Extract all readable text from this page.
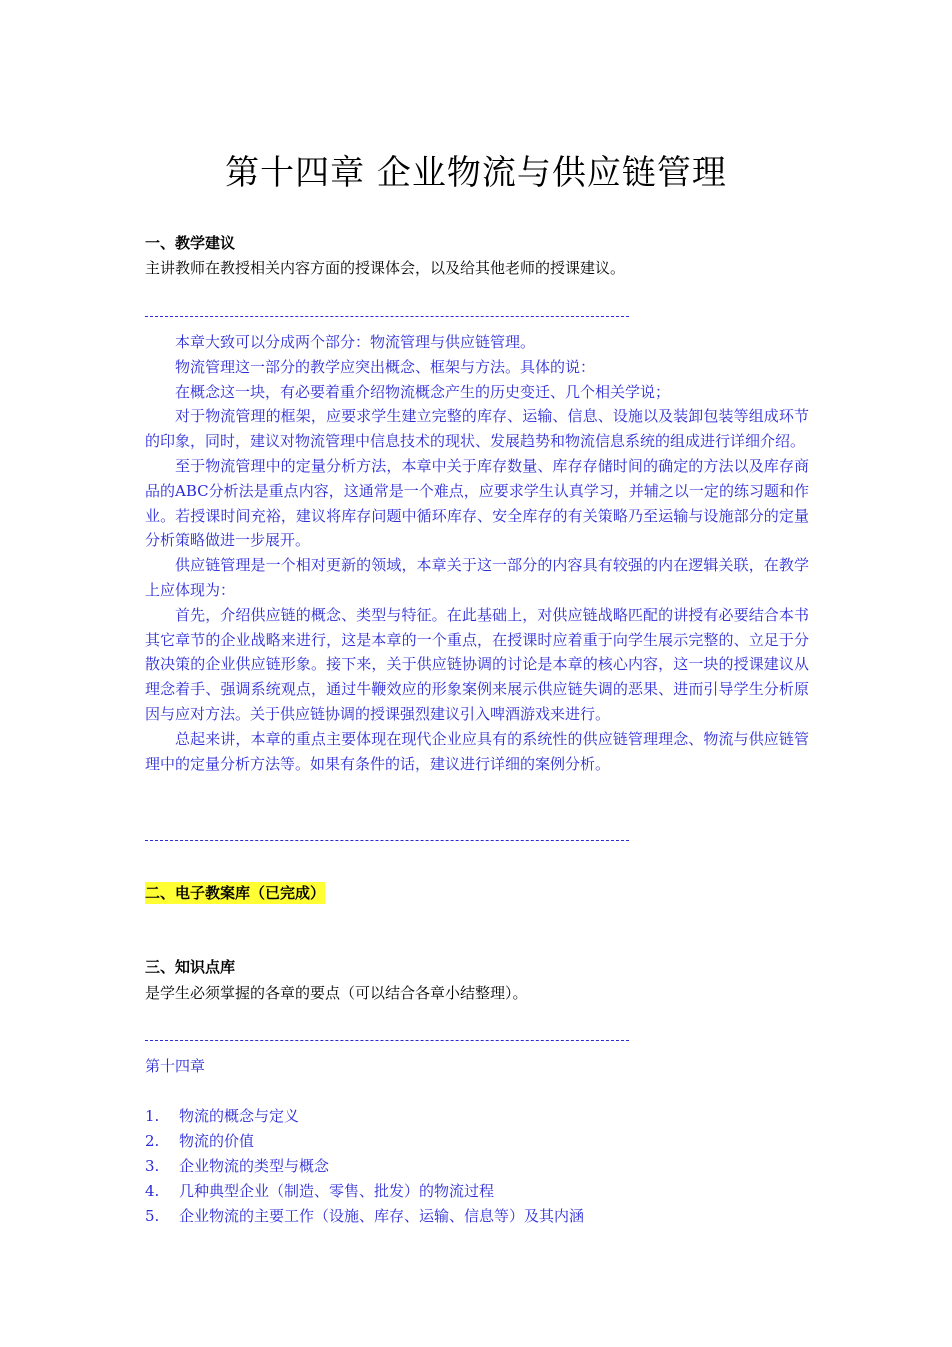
第十四章 企业物流与供应链管理
一、教学建议
主讲教师在教授相关内容方面的授课体会，以及给其他老师的授课建议。

本章大致可以分成两个部分：物流管理与供应链管理。

物流管理这一部分的教学应突出概念、框架与方法。具体的说：

在概念这一块，有必要着重介绍物流概念产生的历史变迁、几个相关学说；

对于物流管理的框架，应要求学生建立完整的库存、运输、信息、设施以及装卸包装等组成环节的印象，同时，建议对物流管理中信息技术的现状、发展趋势和物流信息系统的组成进行详细介绍。

至于物流管理中的定量分析方法，本章中关于库存数量、库存存储时间的确定的方法以及库存商品的ABC分析法是重点内容，这通常是一个难点，应要求学生认真学习，并辅之以一定的练习题和作业。若授课时间充裕，建议将库存问题中循环库存、安全库存的有关策略乃至运输与设施部分的定量分析策略做进一步展开。

供应链管理是一个相对更新的领域，本章关于这一部分的内容具有较强的内在逻辑关联，在教学上应体现为：

首先，介绍供应链的概念、类型与特征。在此基础上，对供应链战略匹配的讲授有必要结合本书其它章节的企业战略来进行，这是本章的一个重点，在授课时应着重于向学生展示完整的、立足于分散决策的企业供应链形象。接下来，关于供应链协调的讨论是本章的核心内容，这一块的授课建议从理念着手、强调系统观点，通过牛鞭效应的形象案例来展示供应链失调的恶果、进而引导学生分析原因与应对方法。关于供应链协调的授课强烈建议引入啤酒游戏来进行。

总起来讲，本章的重点主要体现在现代企业应具有的系统性的供应链管理理念、物流与供应链管理中的定量分析方法等。如果有条件的话，建议进行详细的案例分析。

二、电子教案库（已完成）
三、知识点库
是学生必须掌握的各章的要点（可以结合各章小结整理）。
第十四章
1. 物流的概念与定义
2. 物流的价值
3. 企业物流的类型与概念
4. 几种典型企业（制造、零售、批发）的物流过程
5. 企业物流的主要工作（设施、库存、运输、信息等）及其内涵
